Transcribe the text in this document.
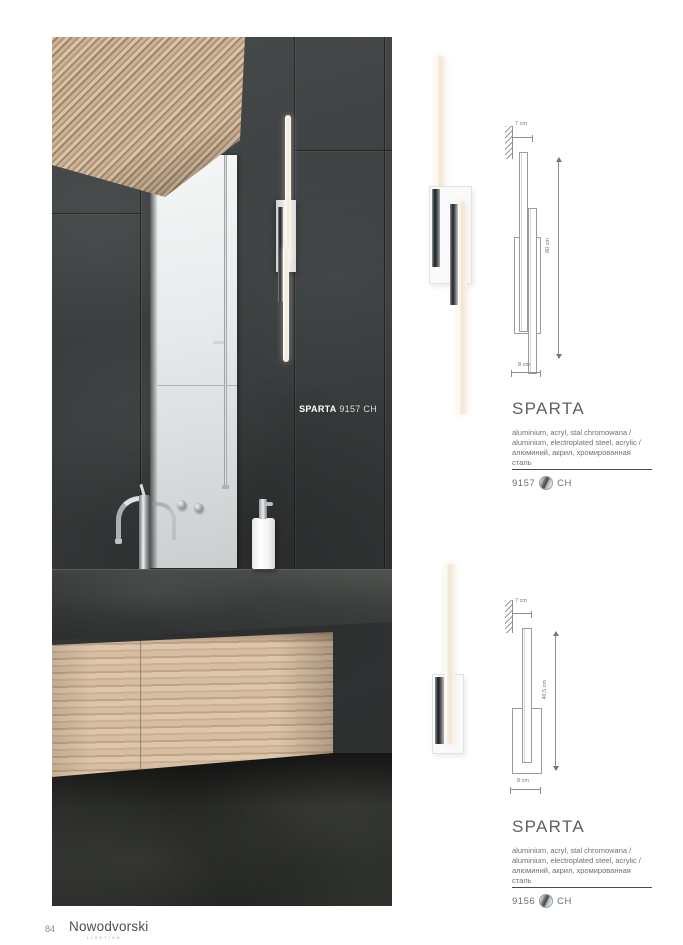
SPARTA 9157 CH
7 cm
80 cm
8 cm
SPARTA

aluminium, acryl, stal chromowana /
aluminium, electroplated steel, acrylic /
алюминий, акрил, хромированная сталь

9157 CH
7 cm
40,5 cm
8 cm
SPARTA

aluminium, acryl, stal chromowana /
aluminium, electroplated steel, acrylic /
алюминий, акрил, хромированная сталь

9156 CH
84 Nowodvorski
LIGHTING
